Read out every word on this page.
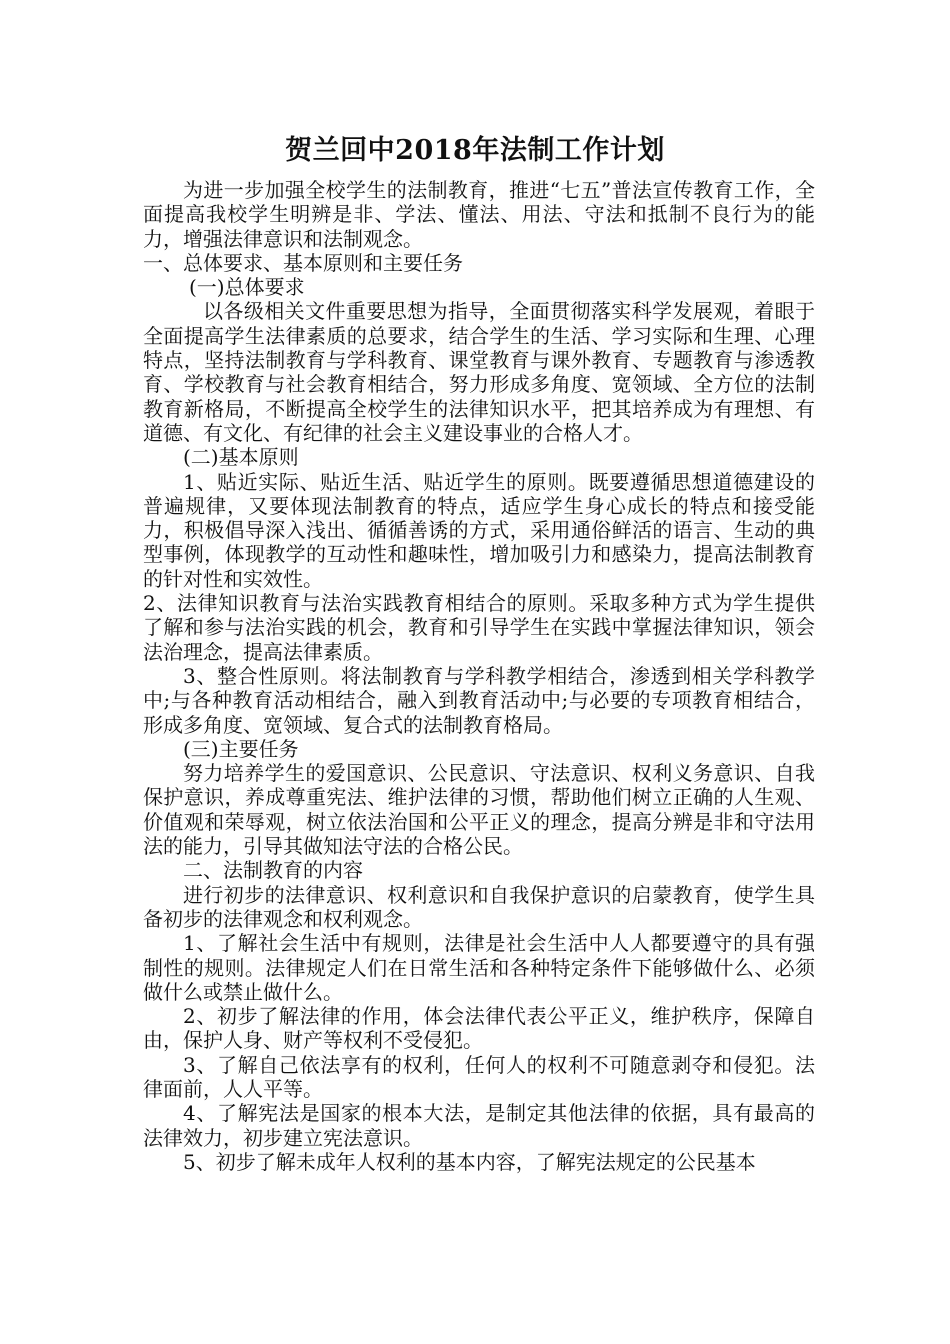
贺兰回中2018年法制工作计划

为进一步加强全校学生的法制教育，推进“七五”普法宣传教育工作，全面提高我校学生明辨是非、学法、懂法、用法、守法和抵制不良行为的能力，增强法律意识和法制观念。

一、总体要求、基本原则和主要任务

(一)总体要求

以各级相关文件重要思想为指导，全面贯彻落实科学发展观，着眼于全面提高学生法律素质的总要求，结合学生的生活、学习实际和生理、心理特点，坚持法制教育与学科教育、课堂教育与课外教育、专题教育与渗透教育、学校教育与社会教育相结合，努力形成多角度、宽领域、全方位的法制教育新格局，不断提高全校学生的法律知识水平，把其培养成为有理想、有道德、有文化、有纪律的社会主义建设事业的合格人才。

(二)基本原则

1、贴近实际、贴近生活、贴近学生的原则。既要遵循思想道德建设的普遍规律，又要体现法制教育的特点，适应学生身心成长的特点和接受能力，积极倡导深入浅出、循循善诱的方式，采用通俗鲜活的语言、生动的典型事例，体现教学的互动性和趣味性，增加吸引力和感染力，提高法制教育的针对性和实效性。

2、法律知识教育与法治实践教育相结合的原则。采取多种方式为学生提供了解和参与法治实践的机会，教育和引导学生在实践中掌握法律知识，领会法治理念，提高法律素质。

3、整合性原则。将法制教育与学科教学相结合，渗透到相关学科教学中;与各种教育活动相结合，融入到教育活动中;与必要的专项教育相结合，形成多角度、宽领域、复合式的法制教育格局。

(三)主要任务

努力培养学生的爱国意识、公民意识、守法意识、权利义务意识、自我保护意识，养成尊重宪法、维护法律的习惯，帮助他们树立正确的人生观、价值观和荣辱观，树立依法治国和公平正义的理念，提高分辨是非和守法用法的能力，引导其做知法守法的合格公民。

二、法制教育的内容

进行初步的法律意识、权利意识和自我保护意识的启蒙教育，使学生具备初步的法律观念和权利观念。

1、了解社会生活中有规则，法律是社会生活中人人都要遵守的具有强制性的规则。法律规定人们在日常生活和各种特定条件下能够做什么、必须做什么或禁止做什么。

2、初步了解法律的作用，体会法律代表公平正义，维护秩序，保障自由，保护人身、财产等权利不受侵犯。

3、了解自己依法享有的权利，任何人的权利不可随意剥夺和侵犯。法律面前，人人平等。

4、了解宪法是国家的根本大法，是制定其他法律的依据，具有最高的法律效力，初步建立宪法意识。

5、初步了解未成年人权利的基本内容，了解宪法规定的公民基本
